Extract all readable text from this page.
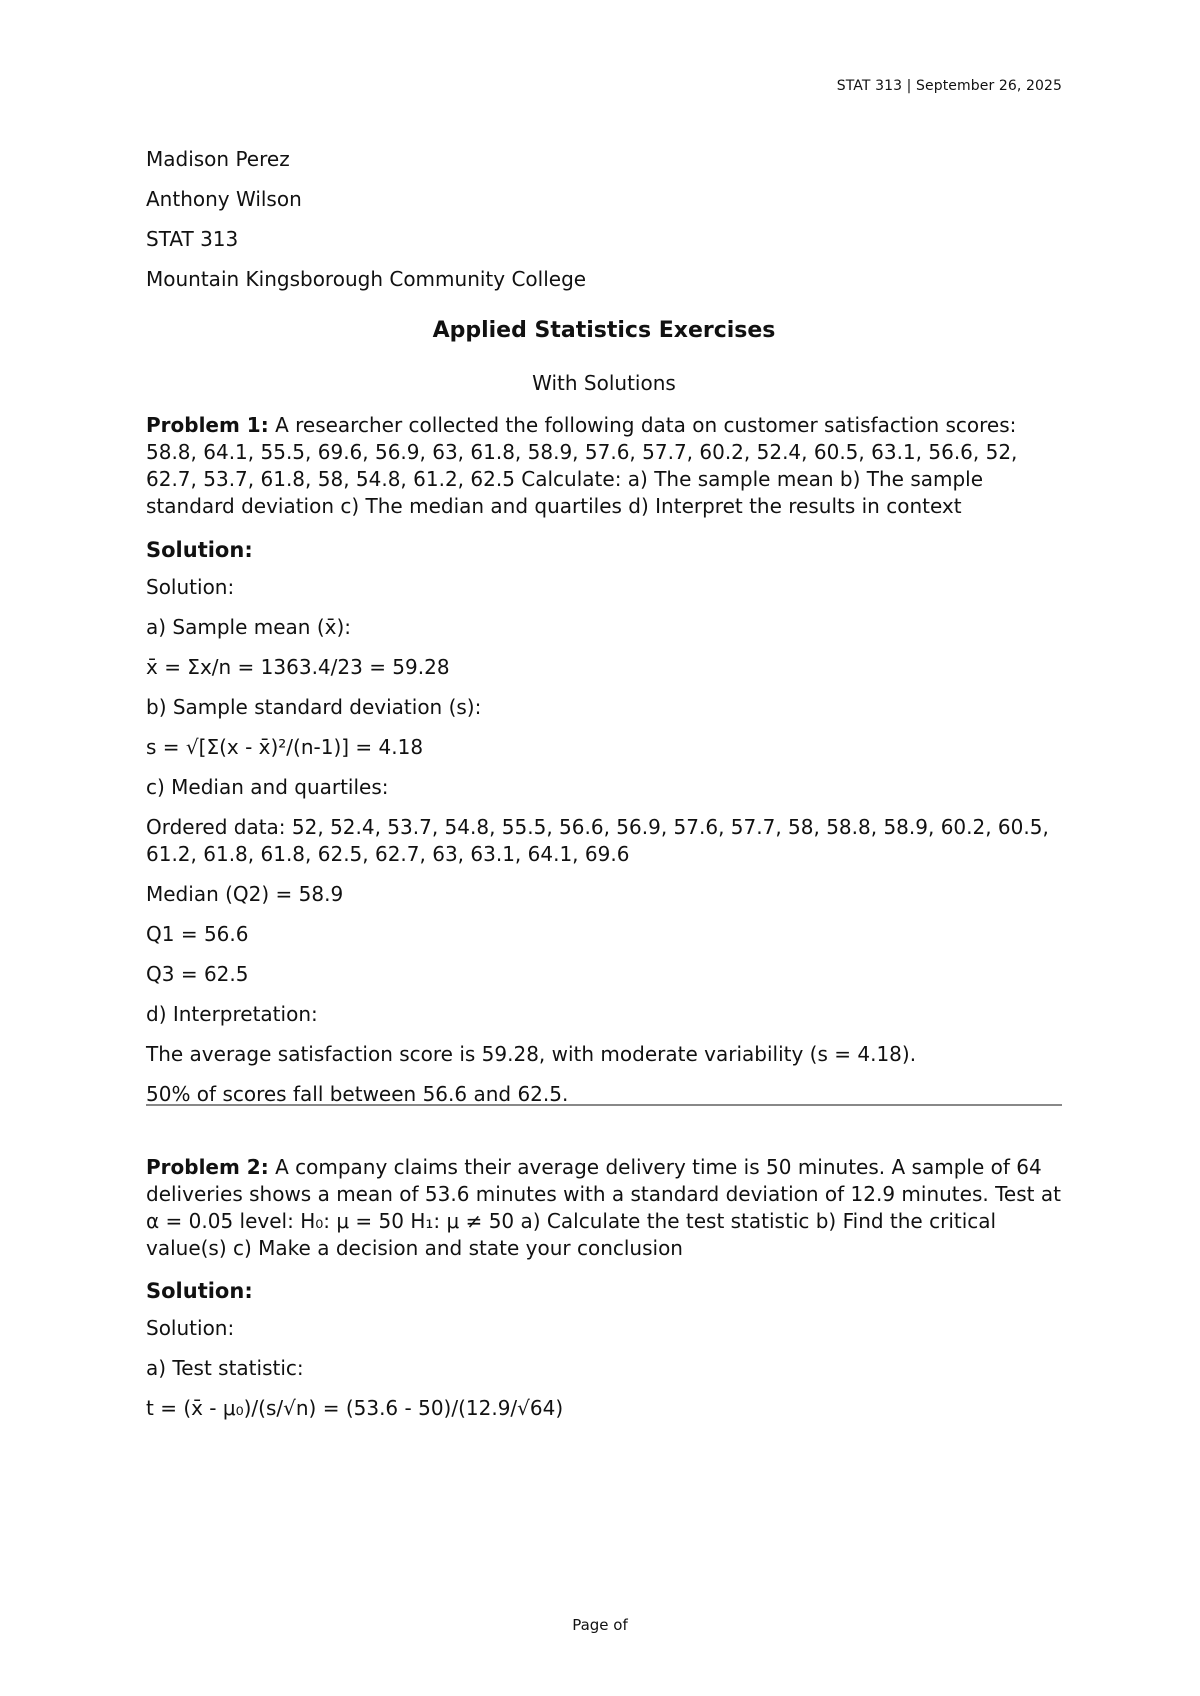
STAT 313 | September 26, 2025

Madison Perez

Anthony Wilson

STAT 313

Mountain Kingsborough Community College

Applied Statistics Exercises
With Solutions

Problem 1: A researcher collected the following data on customer satisfaction scores: 58.8, 64.1, 55.5, 69.6, 56.9, 63, 61.8, 58.9, 57.6, 57.7, 60.2, 52.4, 60.5, 63.1, 56.6, 52, 62.7, 53.7, 61.8, 58, 54.8, 61.2, 62.5 Calculate: a) The sample mean b) The sample standard deviation c) The median and quartiles d) Interpret the results in context

Solution:

Solution:

a) Sample mean (x̄):

x̄ = Σx/n = 1363.4/23 = 59.28

b) Sample standard deviation (s):

s = √[Σ(x - x̄)²/(n-1)] = 4.18

c) Median and quartiles:

Ordered data: 52, 52.4, 53.7, 54.8, 55.5, 56.6, 56.9, 57.6, 57.7, 58, 58.8, 58.9, 60.2, 60.5, 61.2, 61.8, 61.8, 62.5, 62.7, 63, 63.1, 64.1, 69.6

Median (Q2) = 58.9

Q1 = 56.6

Q3 = 62.5

d) Interpretation:

The average satisfaction score is 59.28, with moderate variability (s = 4.18).

50% of scores fall between 56.6 and 62.5.

Problem 2: A company claims their average delivery time is 50 minutes. A sample of 64 deliveries shows a mean of 53.6 minutes with a standard deviation of 12.9 minutes. Test at α = 0.05 level: H₀: μ = 50 H₁: μ ≠ 50 a) Calculate the test statistic b) Find the critical value(s) c) Make a decision and state your conclusion

Solution:

Solution:

a) Test statistic:

t = (x̄ - μ₀)/(s/√n) = (53.6 - 50)/(12.9/√64)

Page of
